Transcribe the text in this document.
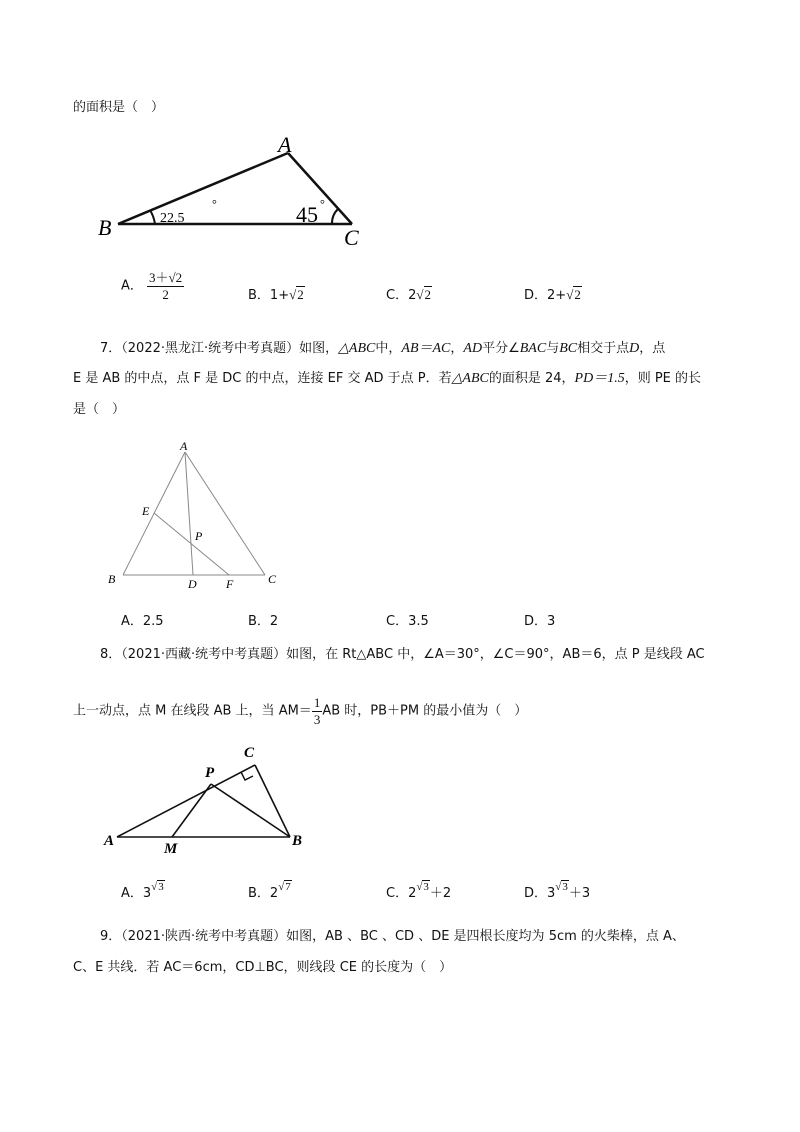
的面积是（　）
A
B	C
22.5
°	45 °
A． $\frac{3+√2}{2}$	B．1+√2	C．2√2	D．2+√2
7．（2022·黑龙江·统考中考真题）如图，△ABC中，AB＝AC，AD平分∠BAC与BC相交于点D，点
E 是 AB 的中点，点 F 是 DC 的中点，连接 EF 交 AD 于点 P．若△ABC的面积是 24，PD＝1.5，则 PE 的长
是（　）
A
B	C
D
E
F
P
A．2.5	B．2	C．3.5	D．3
8．（2021·西藏·统考中考真题）如图，在 Rt△ABC 中，∠A＝30°，∠C＝90°，AB＝6，点 P 是线段 AC
上一动点，点 M 在线段 AB 上，当 $AM= \frac{1}{3}$ AB 时，PB＋PM 的最小值为（　）
A	B
C
M
P
A．$3^{√3}$	B．$2^{√7}$	C．$2^{√3}+2$	D．$3^{√3}+3$
9．（2021·陕西·统考中考真题）如图，AB 、BC 、CD 、DE 是四根长度均为 5cm 的火柴棒，点 A、
C、E 共线．若 AC＝6cm，CD⊥BC，则线段 CE 的长度为（　）
